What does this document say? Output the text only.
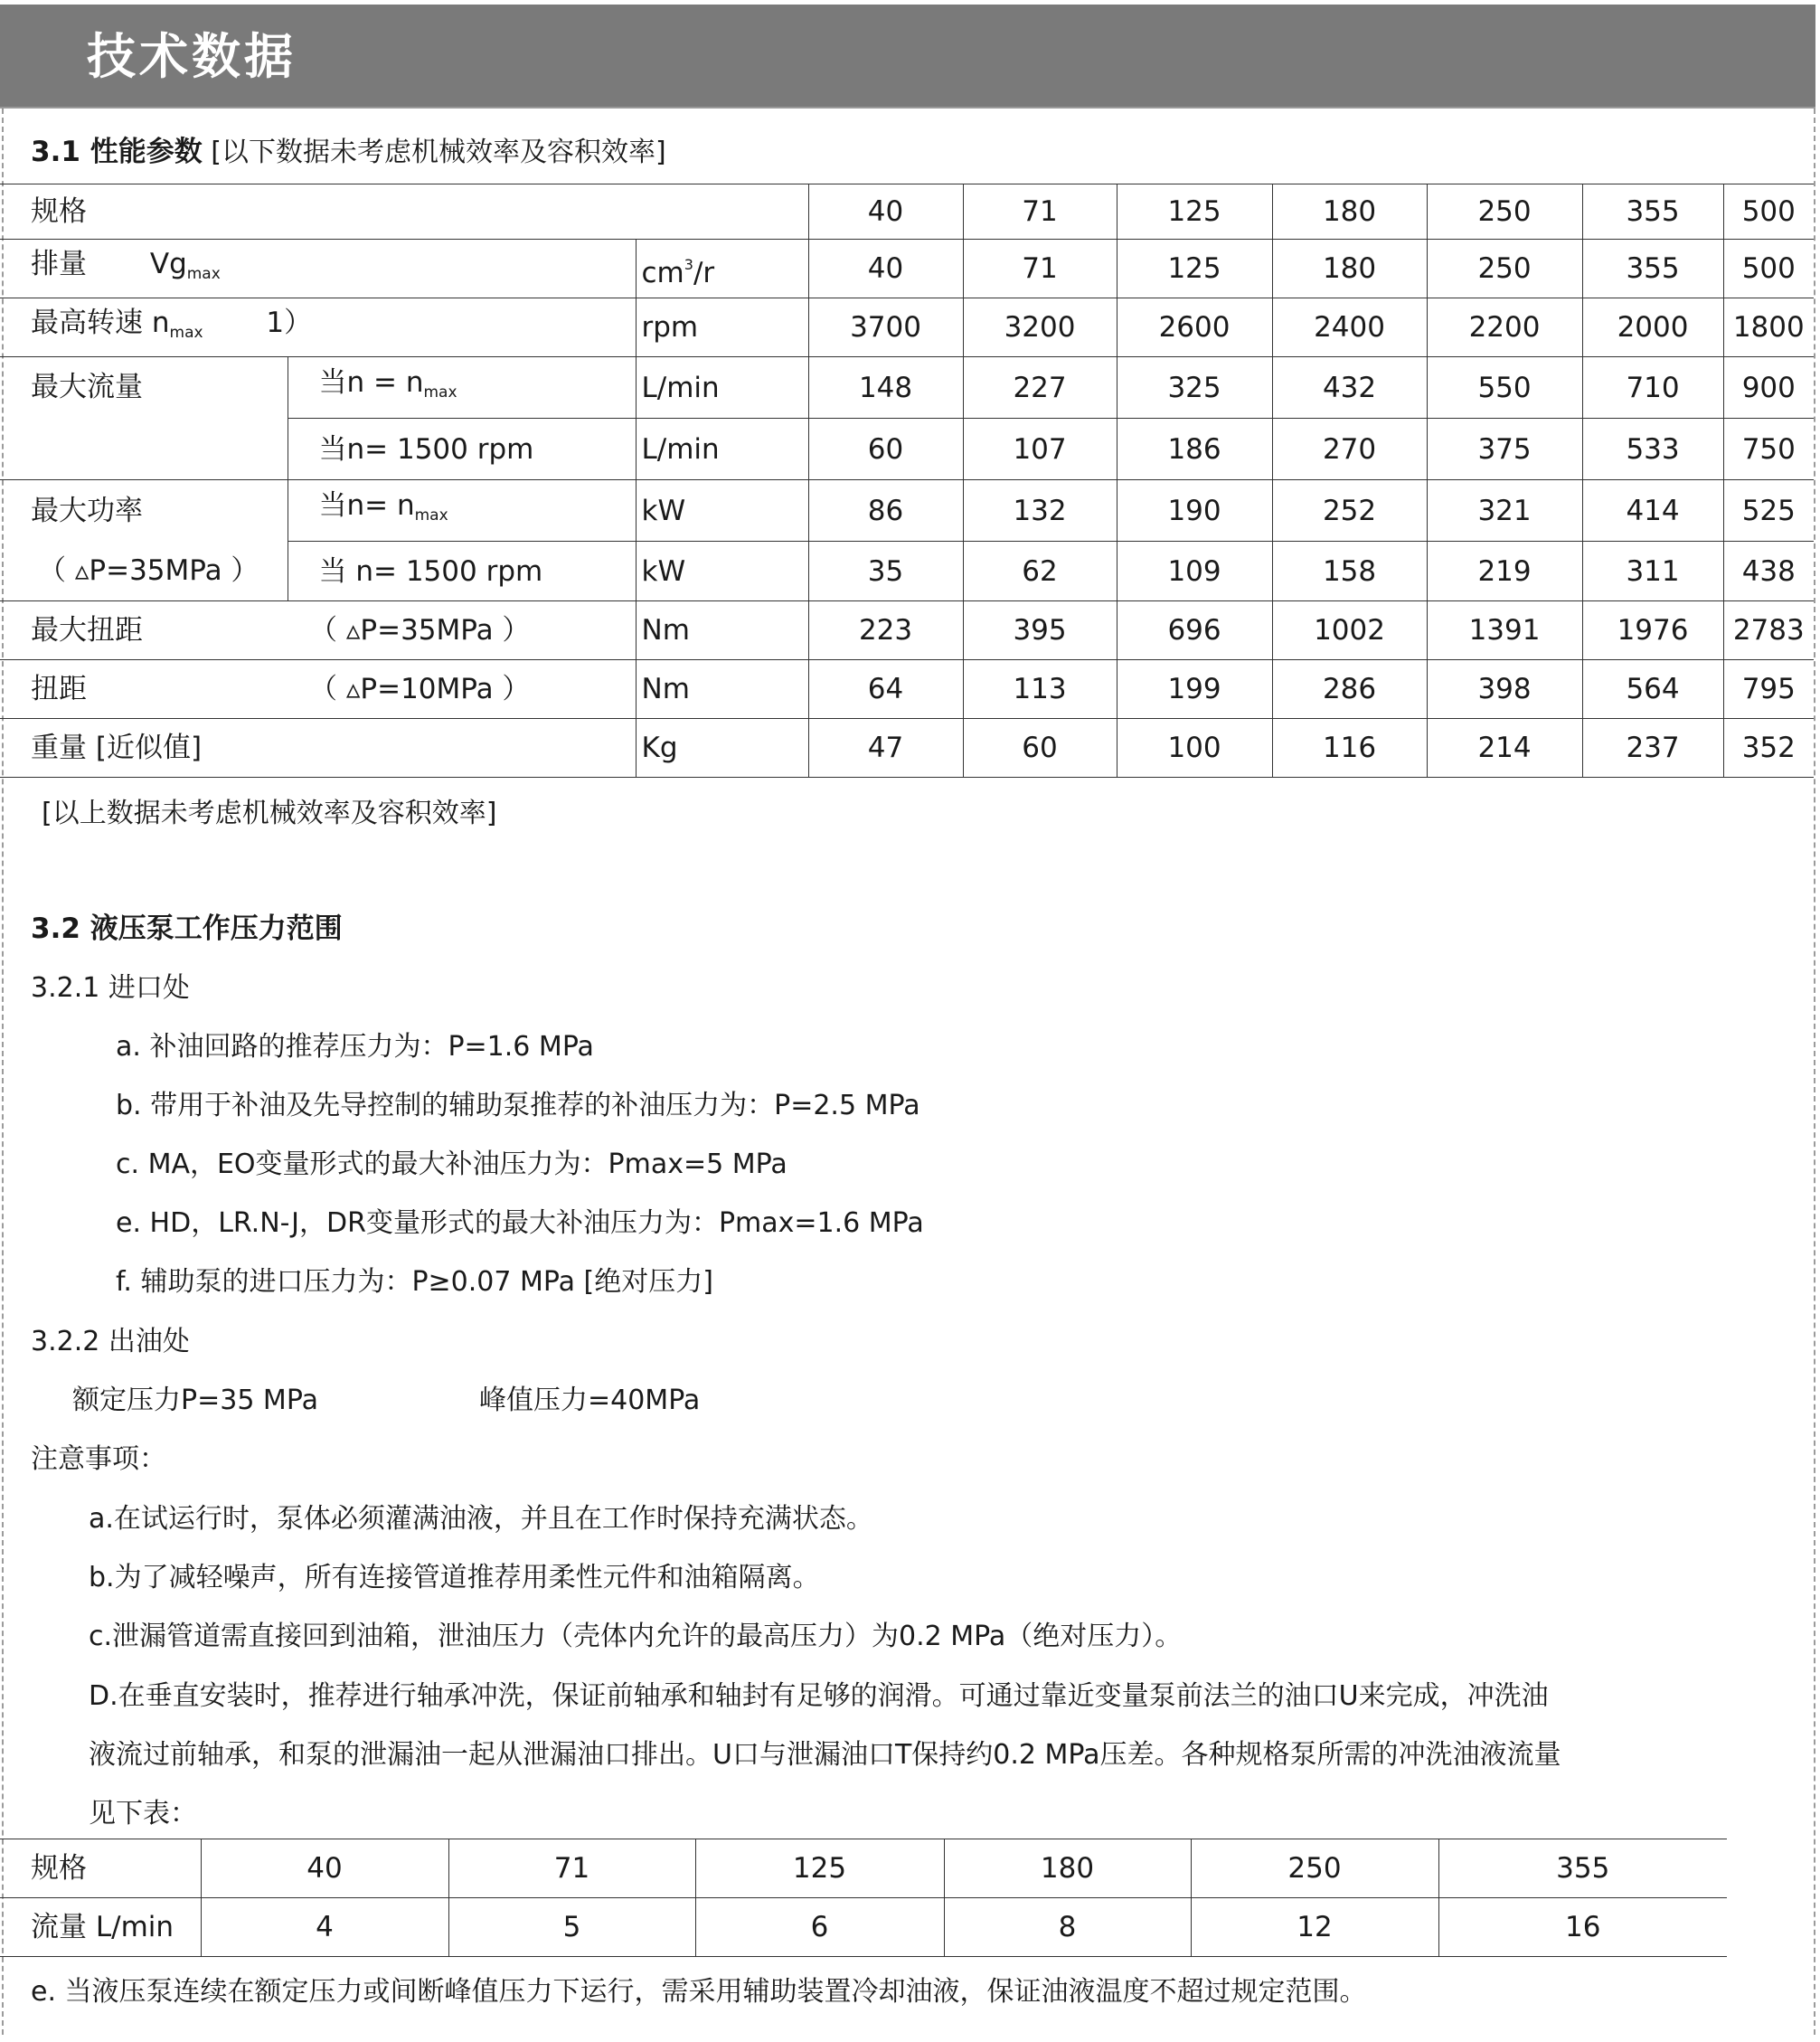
技术数据
3.1 性能参数 [以下数据未考虑机械效率及容积效率]
规格			40	71	125	180	250	355	500
排量 $Vg_{max}$		$cm^3/r$	40	71	125	180	250	355	500
最高转速 $n_{max}$ 1）		rpm	3700	3200	2600	2400	2200	2000	1800
最大流量	当$n = n_{max}$	L/min	148	227	325	432	550	710	900
	当n= 1500 rpm	L/min	60	107	186	270	375	533	750
最大功率	当$n= n_{max}$	kW	86	132	190	252	321	414	525
（ ▵P=35MPa ）	当 n= 1500 rpm	kW	35	62	109	158	219	311	438
最大扭距	（ ▵P=35MPa ）	Nm	223	395	696	1002	1391	1976	2783
扭距	（ ▵P=10MPa ）	Nm	64	113	199	286	398	564	795
重量 [近似值]		Kg	47	60	100	116	214	237	352
[以上数据未考虑机械效率及容积效率]
3.2 液压泵工作压力范围
3.2.1 进口处
a. 补油回路的推荐压力为：P=1.6 MPa
b. 带用于补油及先导控制的辅助泵推荐的补油压力为：P=2.5 MPa
c. MA，EO变量形式的最大补油压力为：Pmax=5 MPa
e. HD，LR.N-J，DR变量形式的最大补油压力为：Pmax=1.6 MPa
f. 辅助泵的进口压力为：P≥0.07 MPa [绝对压力]
3.2.2 出油处
额定压力P=35 MPa	峰值压力=40MPa
注意事项：
a.在试运行时，泵体必须灌满油液，并且在工作时保持充满状态。
b.为了减轻噪声，所有连接管道推荐用柔性元件和油箱隔离。
c.泄漏管道需直接回到油箱，泄油压力（壳体内允许的最高压力）为0.2 MPa（绝对压力）。
D.在垂直安装时，推荐进行轴承冲洗，保证前轴承和轴封有足够的润滑。可通过靠近变量泵前法兰的油口U来完成，冲洗油
液流过前轴承，和泵的泄漏油一起从泄漏油口排出。U口与泄漏油口T保持约0.2 MPa压差。各种规格泵所需的冲洗油液流量
见下表：
规格	40	71	125	180	250	355
流量 L/min	4	5	6	8	12	16
e. 当液压泵连续在额定压力或间断峰值压力下运行，需采用辅助装置冷却油液，保证油液温度不超过规定范围。
